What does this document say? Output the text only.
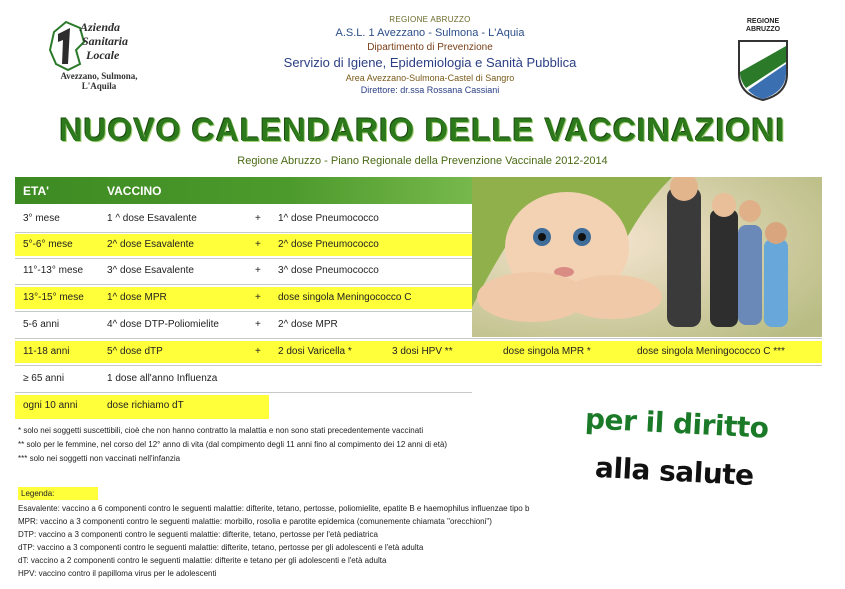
Azienda
Sanitaria
Locale
Avezzano, Sulmona,
L'Aquila
REGIONE ABRUZZO
A.S.L. 1 Avezzano - Sulmona - L'Aquia
Dipartimento di Prevenzione
Servizio di Igiene, Epidemiologia e Sanità Pubblica
Area Avezzano-Sulmona-Castel di Sangro
Direttore: dr.ssa Rossana Cassiani
REGIONE
ABRUZZO
NUOVO CALENDARIO DELLE VACCINAZIONI
Regione Abruzzo - Piano Regionale della Prevenzione Vaccinale 2012-2014
ETA'	VACCINO
3° mese	1 ^ dose Esavalente	+ 1^ dose Pneumococco
5°-6° mese	2^ dose Esavalente	+ 2^ dose Pneumococco
11°-13° mese 3^ dose Esavalente	+ 3^ dose Pneumococco
13°-15° mese 1^ dose MPR	+ dose singola Meningococco C
5-6 anni	4^ dose DTP-Poliomielite	+ 2^ dose MPR
11-18 anni	5^ dose dTP	+ 2 dosi Varicella *	3 dosi HPV **	dose singola MPR *	dose singola Meningococco C ***
≥ 65 anni	1 dose all'anno Influenza
ogni 10 anni	dose richiamo dT
* solo nei soggetti suscettibili, cioè che non hanno contratto la malattia e non sono stati precedentemente vaccinati
** solo per le femmine, nel corso del 12° anno di vita (dal compimento degli 11 anni fino al compimento dei 12 anni di età)
*** solo nei soggetti non vaccinati nell'infanzia
per il diritto
alla salute
Legenda:
Esavalente: vaccino a 6 componenti contro le seguenti malattie: difterite, tetano, pertosse, poliomielite, epatite B e haemophilus influenzae tipo b
MPR: vaccino a 3 componenti contro le seguenti malattie: morbillo, rosolia e parotite epidemica (comunemente chiamata "orecchioni")
DTP: vaccino a 3 componenti contro le seguenti malattie: difterite, tetano, pertosse per l'età pediatrica
dTP: vaccino a 3 componenti contro le seguenti malattie: difterite, tetano, pertosse per gli adolescenti e l'età adulta
dT: vaccino a 2 componenti contro le seguenti malattie: difterite e tetano per gli adolescenti e l'età adulta
HPV: vaccino contro il papilloma virus per le adolescenti
